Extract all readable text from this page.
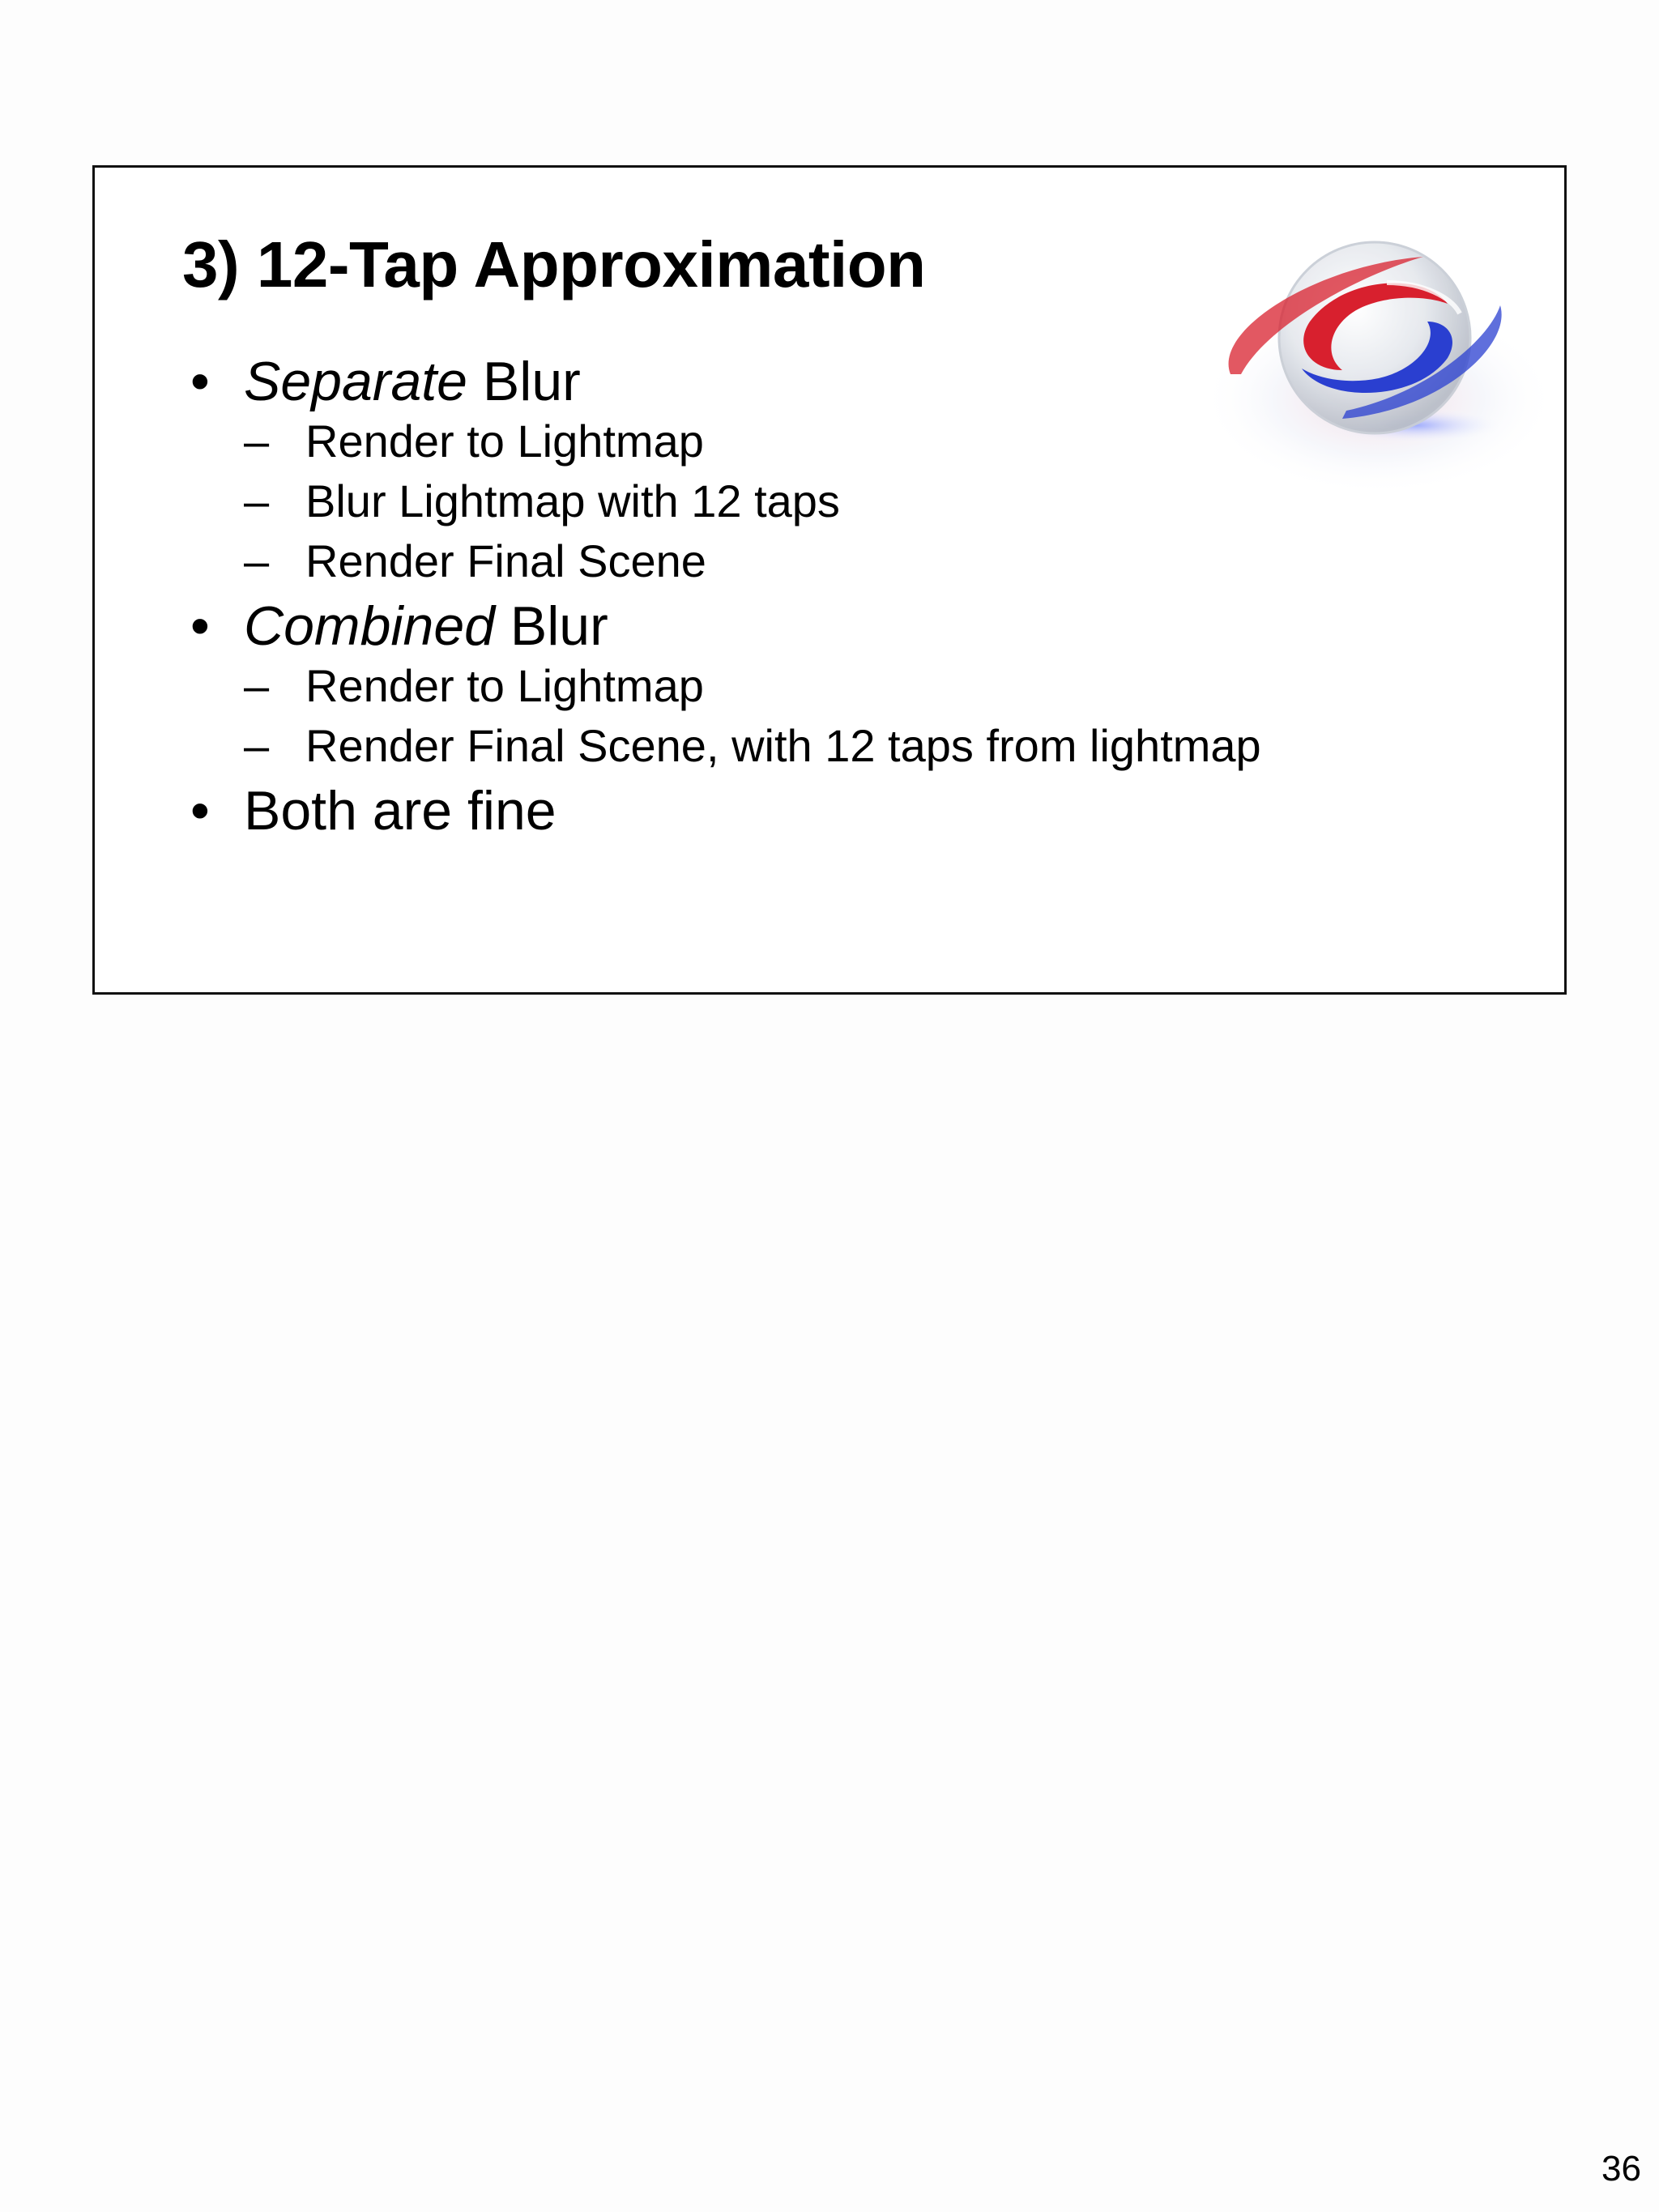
3) 12-Tap Approximation
• Separate Blur
– Render to Lightmap
– Blur Lightmap with 12 taps
– Render Final Scene
• Combined Blur
– Render to Lightmap
– Render Final Scene, with 12 taps from lightmap
• Both are fine
36
